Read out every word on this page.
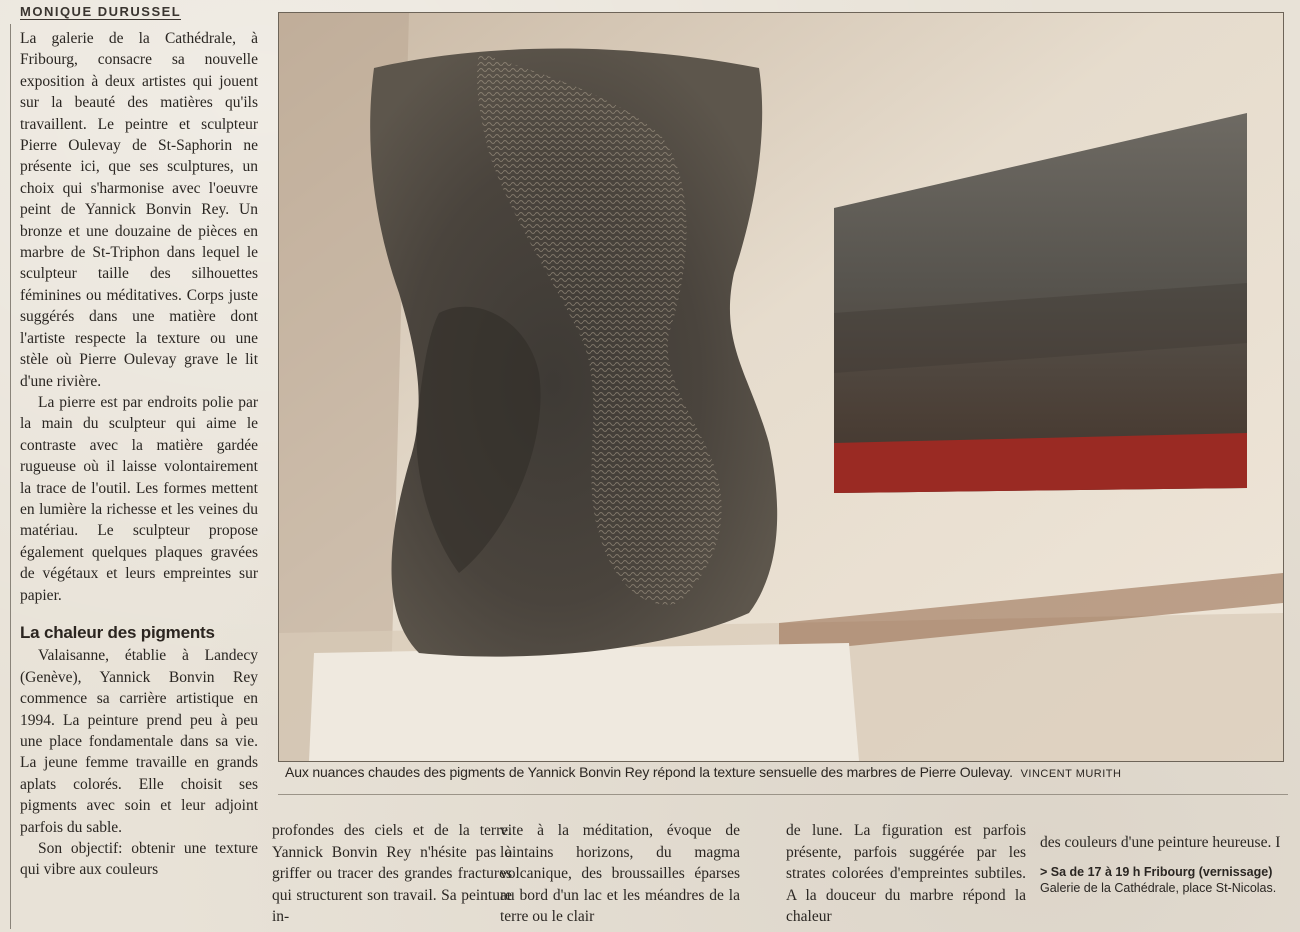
MONIQUE DURUSSEL

La galerie de la Cathédrale, à Fribourg, consacre sa nouvelle exposition à deux artistes qui jouent sur la beauté des matières qu'ils travaillent. Le peintre et sculpteur Pierre Oulevay de St-Saphorin ne présente ici, que ses sculptures, un choix qui s'harmonise avec l'oeuvre peint de Yannick Bonvin Rey. Un bronze et une douzaine de pièces en marbre de St-Triphon dans lequel le sculpteur taille des silhouettes féminines ou méditatives. Corps juste suggérés dans une matière dont l'artiste respecte la texture ou une stèle où Pierre Oulevay grave le lit d'une rivière.

La pierre est par endroits polie par la main du sculpteur qui aime le contraste avec la matière gardée rugueuse où il laisse volontairement la trace de l'outil. Les formes mettent en lumière la richesse et les veines du matériau. Le sculpteur propose également quelques plaques gravées de végétaux et leurs empreintes sur papier.

La chaleur des pigments

Valaisanne, établie à Landecy (Genève), Yannick Bonvin Rey commence sa carrière artistique en 1994. La peinture prend peu à peu une place fondamentale dans sa vie. La jeune femme travaille en grands aplats colorés. Elle choisit ses pigments avec soin et leur adjoint parfois du sable.

Son objectif: obtenir une texture qui vibre aux couleurs

Aux nuances chaudes des pigments de Yannick Bonvin Rey répond la texture sensuelle des marbres de Pierre Oulevay. VINCENT MURITH

profondes des ciels et de la terre. Yannick Bonvin Rey n'hésite pas à griffer ou tracer des grandes fractures qui structurent son travail. Sa peinture in-

vite à la méditation, évoque de lointains horizons, du magma volcanique, des broussailles éparses au bord d'un lac et les méandres de la terre ou le clair

de lune. La figuration est parfois présente, parfois suggérée par les strates colorées d'empreintes subtiles. A la douceur du marbre répond la chaleur

des couleurs d'une peinture heureuse. I

> Sa de 17 à 19 h Fribourg (vernissage)
Galerie de la Cathédrale, place St-Nicolas.
